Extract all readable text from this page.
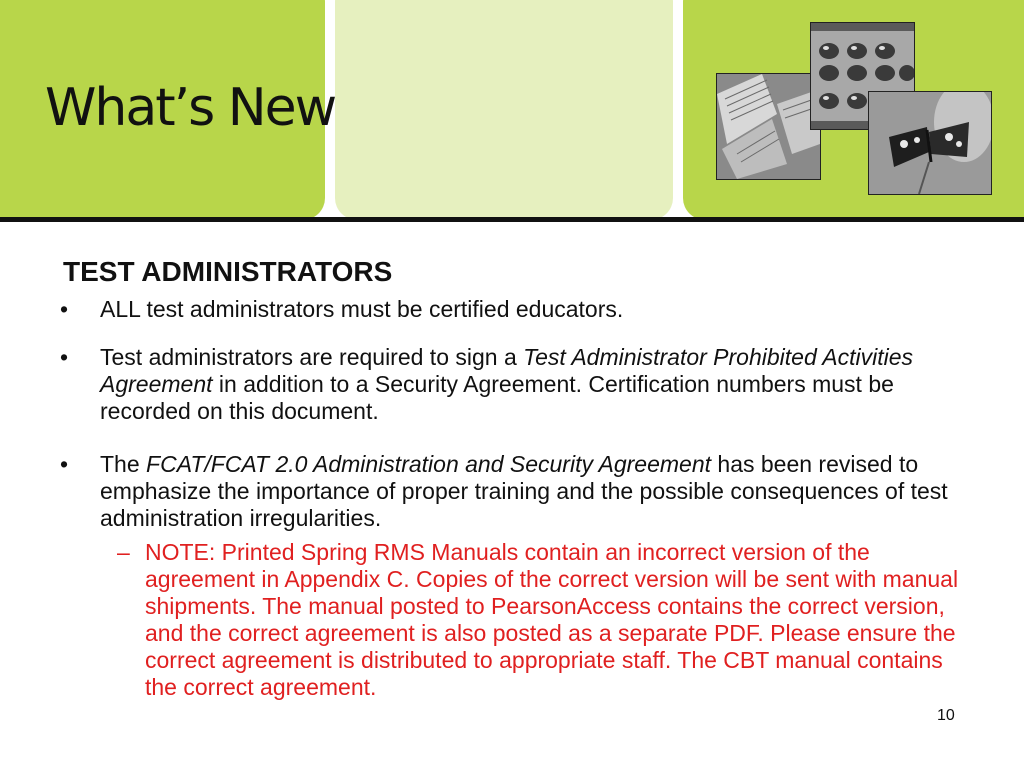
What’s New
TEST ADMINISTRATORS
• ALL test administrators must be certified educators.
• Test administrators are required to sign a Test Administrator Prohibited Activities Agreement in addition to a Security Agreement. Certification numbers must be recorded on this document.
• The FCAT/FCAT 2.0 Administration and Security Agreement has been revised to emphasize the importance of proper training and the possible consequences of test administration irregularities.
– NOTE: Printed Spring RMS Manuals contain an incorrect version of the agreement in Appendix C. Copies of the correct version will be sent with manual shipments. The manual posted to PearsonAccess contains the correct version, and the correct agreement is also posted as a separate PDF. Please ensure the correct agreement is distributed to appropriate staff. The CBT manual contains the correct agreement.
10
